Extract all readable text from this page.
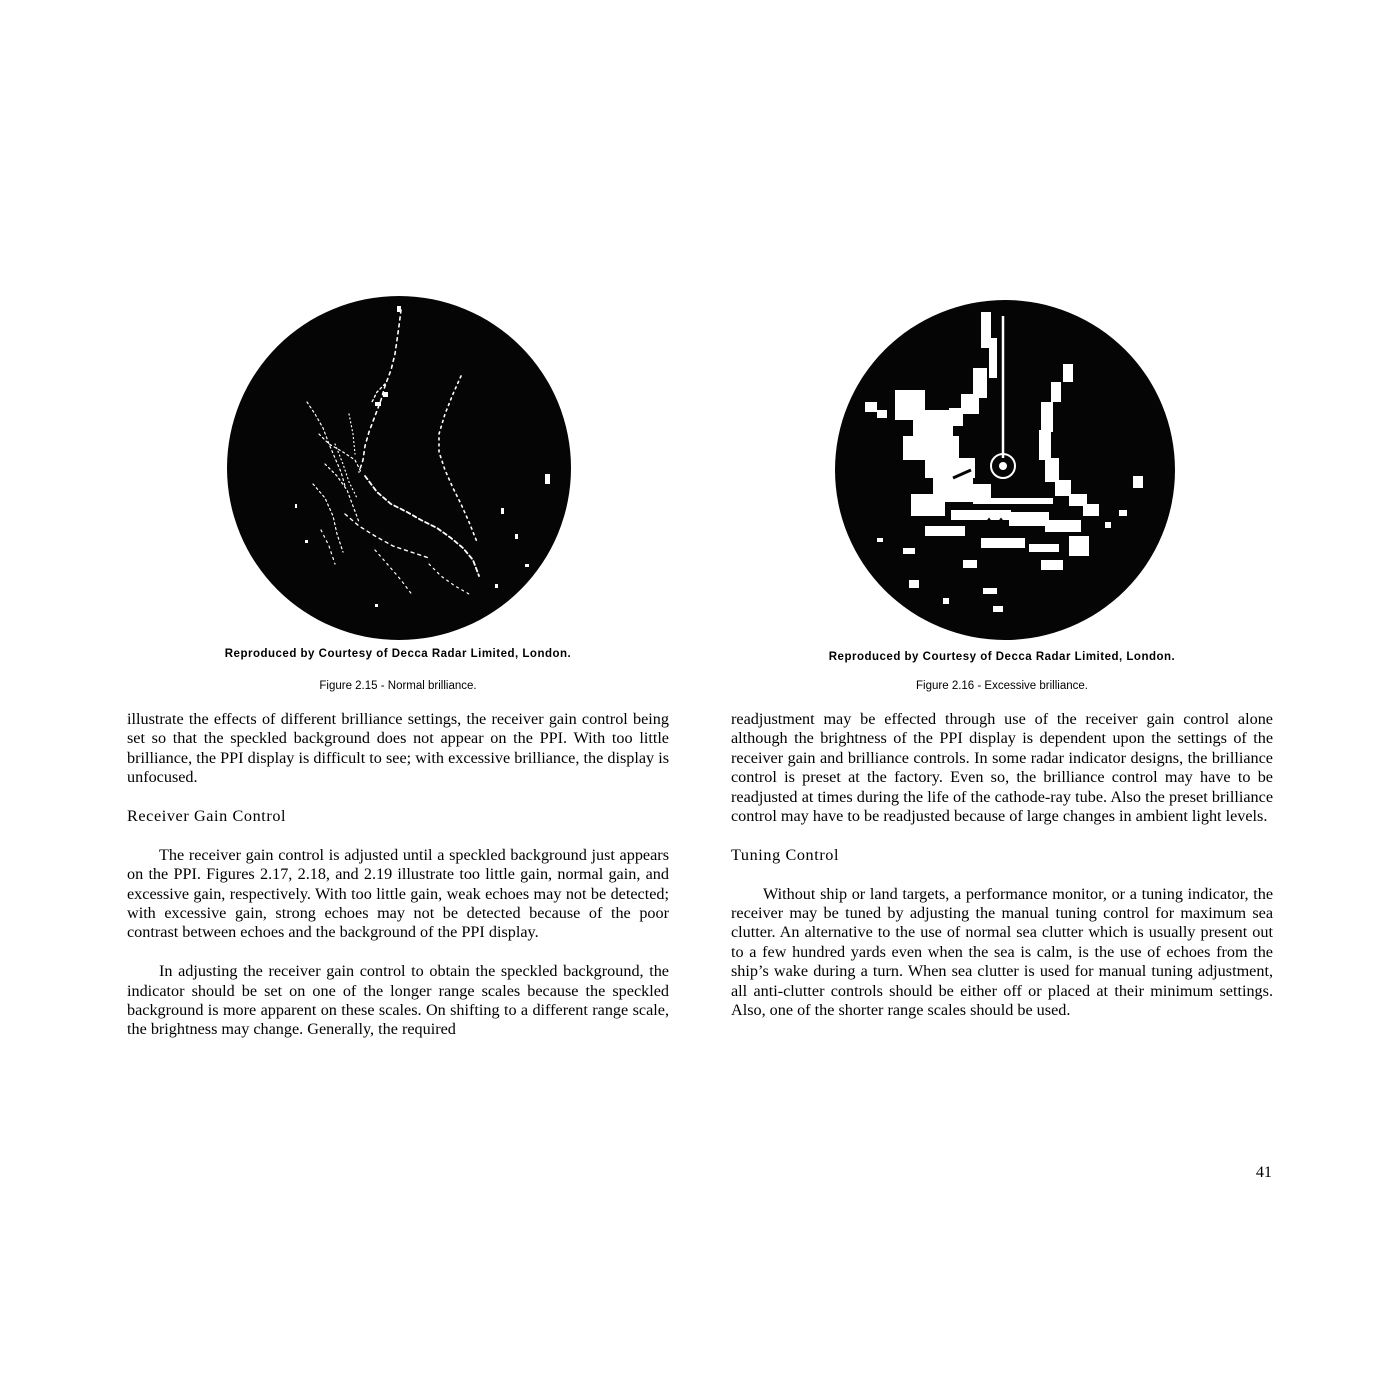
Reproduced by Courtesy of Decca Radar Limited, London.
Figure 2.15 - Normal brilliance.

illustrate the effects of different brilliance settings, the receiver gain control being set so that the speckled background does not appear on the PPI. With too little brilliance, the PPI display is difficult to see; with excessive brilliance, the display is unfocused.

Receiver Gain Control

The receiver gain control is adjusted until a speckled background just appears on the PPI. Figures 2.17, 2.18, and 2.19 illustrate too little gain, normal gain, and excessive gain, respectively. With too little gain, weak echoes may not be detected; with excessive gain, strong echoes may not be detected because of the poor contrast between echoes and the background of the PPI display.

In adjusting the receiver gain control to obtain the speckled background, the indicator should be set on one of the longer range scales because the speckled background is more apparent on these scales. On shifting to a different range scale, the brightness may change. Generally, the required

Reproduced by Courtesy of Decca Radar Limited, London.
Figure 2.16 - Excessive brilliance.

readjustment may be effected through use of the receiver gain control alone although the brightness of the PPI display is dependent upon the settings of the receiver gain and brilliance controls. In some radar indicator designs, the brilliance control is preset at the factory. Even so, the brilliance control may have to be readjusted at times during the life of the cathode-ray tube. Also the preset brilliance control may have to be readjusted because of large changes in ambient light levels.

Tuning Control

Without ship or land targets, a performance monitor, or a tuning indicator, the receiver may be tuned by adjusting the manual tuning control for maximum sea clutter. An alternative to the use of normal sea clutter which is usually present out to a few hundred yards even when the sea is calm, is the use of echoes from the ship’s wake during a turn. When sea clutter is used for manual tuning adjustment, all anti-clutter controls should be either off or placed at their minimum settings. Also, one of the shorter range scales should be used.

41
